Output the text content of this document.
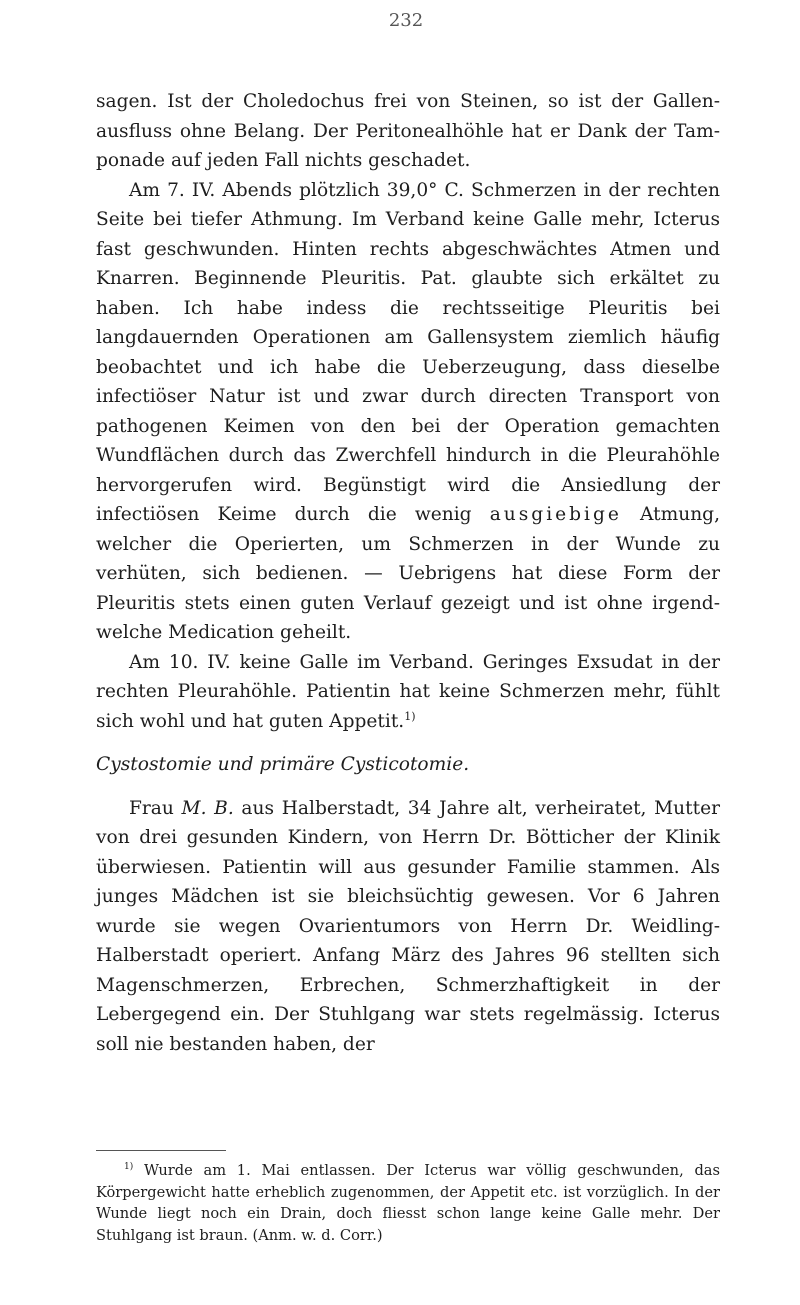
232

sagen. Ist der Choledochus frei von Steinen, so ist der Gallenausfluss ohne Belang. Der Peritonealhöhle hat er Dank der Tamponade auf jeden Fall nichts geschadet.

Am 7. IV. Abends plötzlich 39,0° C. Schmerzen in der rechten Seite bei tiefer Athmung. Im Verband keine Galle mehr, Icterus fast geschwunden. Hinten rechts abgeschwächtes Atmen und Knarren. Beginnende Pleuritis. Pat. glaubte sich erkältet zu haben. Ich habe indess die rechtsseitige Pleuritis bei langdauernden Operationen am Gallensystem ziemlich häufig beobachtet und ich habe die Ueberzeugung, dass dieselbe infectiöser Natur ist und zwar durch directen Transport von pathogenen Keimen von den bei der Operation gemachten Wundflächen durch das Zwerchfell hindurch in die Pleurahöhle hervorgerufen wird. Begünstigt wird die Ansiedlung der infectiösen Keime durch die wenig ausgiebige Atmung, welcher die Operierten, um Schmerzen in der Wunde zu verhüten, sich bedienen. — Uebrigens hat diese Form der Pleuritis stets einen guten Verlauf gezeigt und ist ohne irgendwelche Medication geheilt.

Am 10. IV. keine Galle im Verband. Geringes Exsudat in der rechten Pleurahöhle. Patientin hat keine Schmerzen mehr, fühlt sich wohl und hat guten Appetit.$^{1)}$

Cystostomie und primäre Cysticotomie.

Frau M. B. aus Halberstadt, 34 Jahre alt, verheiratet, Mutter von drei gesunden Kindern, von Herrn Dr. Bötticher der Klinik überwiesen. Patientin will aus gesunder Familie stammen. Als junges Mädchen ist sie bleichsüchtig gewesen. Vor 6 Jahren wurde sie wegen Ovarientumors von Herrn Dr. Weidling-Halberstadt operiert. Anfang März des Jahres 96 stellten sich Magenschmerzen, Erbrechen, Schmerzhaftigkeit in der Lebergegend ein. Der Stuhlgang war stets regelmässig. Icterus soll nie bestanden haben, der

$^{1)}$ Wurde am 1. Mai entlassen. Der Icterus war völlig geschwunden, das Körpergewicht hatte erheblich zugenommen, der Appetit etc. ist vorzüglich. In der Wunde liegt noch ein Drain, doch fliesst schon lange keine Galle mehr. Der Stuhlgang ist braun. (Anm. w. d. Corr.)
